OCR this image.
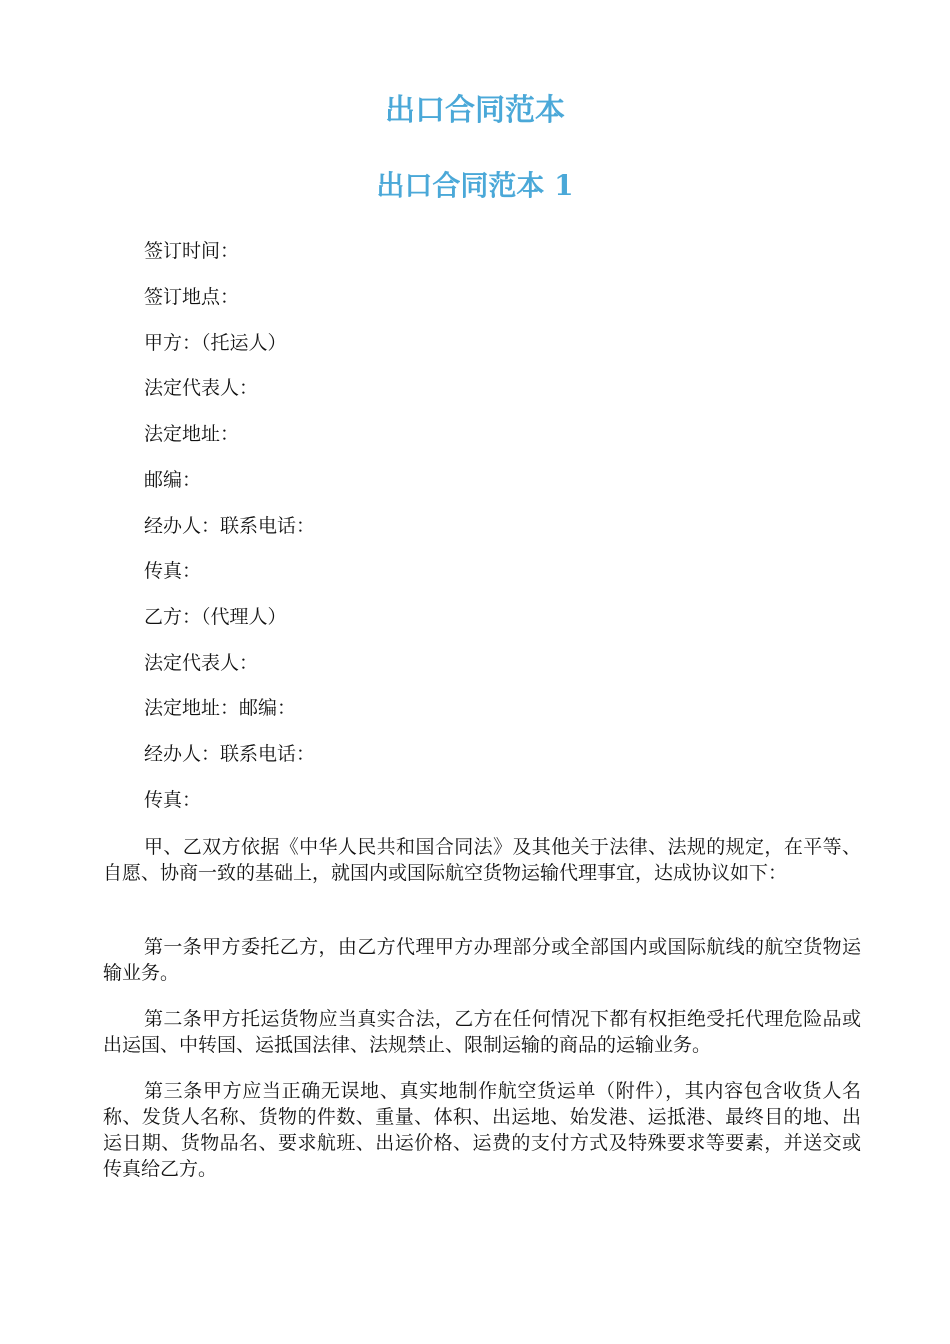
出口合同范本
出口合同范本 1

签订时间：

签订地点：

甲方：（托运人）

法定代表人：

法定地址：

邮编：

经办人：联系电话：

传真：

乙方：（代理人）

法定代表人：

法定地址：邮编：

经办人：联系电话：

传真：

甲、乙双方依据《中华人民共和国合同法》及其他关于法律、法规的规定，在平等、自愿、协商一致的基础上，就国内或国际航空货物运输代理事宜，达成协议如下：

第一条甲方委托乙方，由乙方代理甲方办理部分或全部国内或国际航线的航空货物运输业务。

第二条甲方托运货物应当真实合法，乙方在任何情况下都有权拒绝受托代理危险品或出运国、中转国、运抵国法律、法规禁止、限制运输的商品的运输业务。

第三条甲方应当正确无误地、真实地制作航空货运单（附件），其内容包含收货人名称、发货人名称、货物的件数、重量、体积、出运地、始发港、运抵港、最终目的地、出运日期、货物品名、要求航班、出运价格、运费的支付方式及特殊要求等要素，并送交或传真给乙方。
